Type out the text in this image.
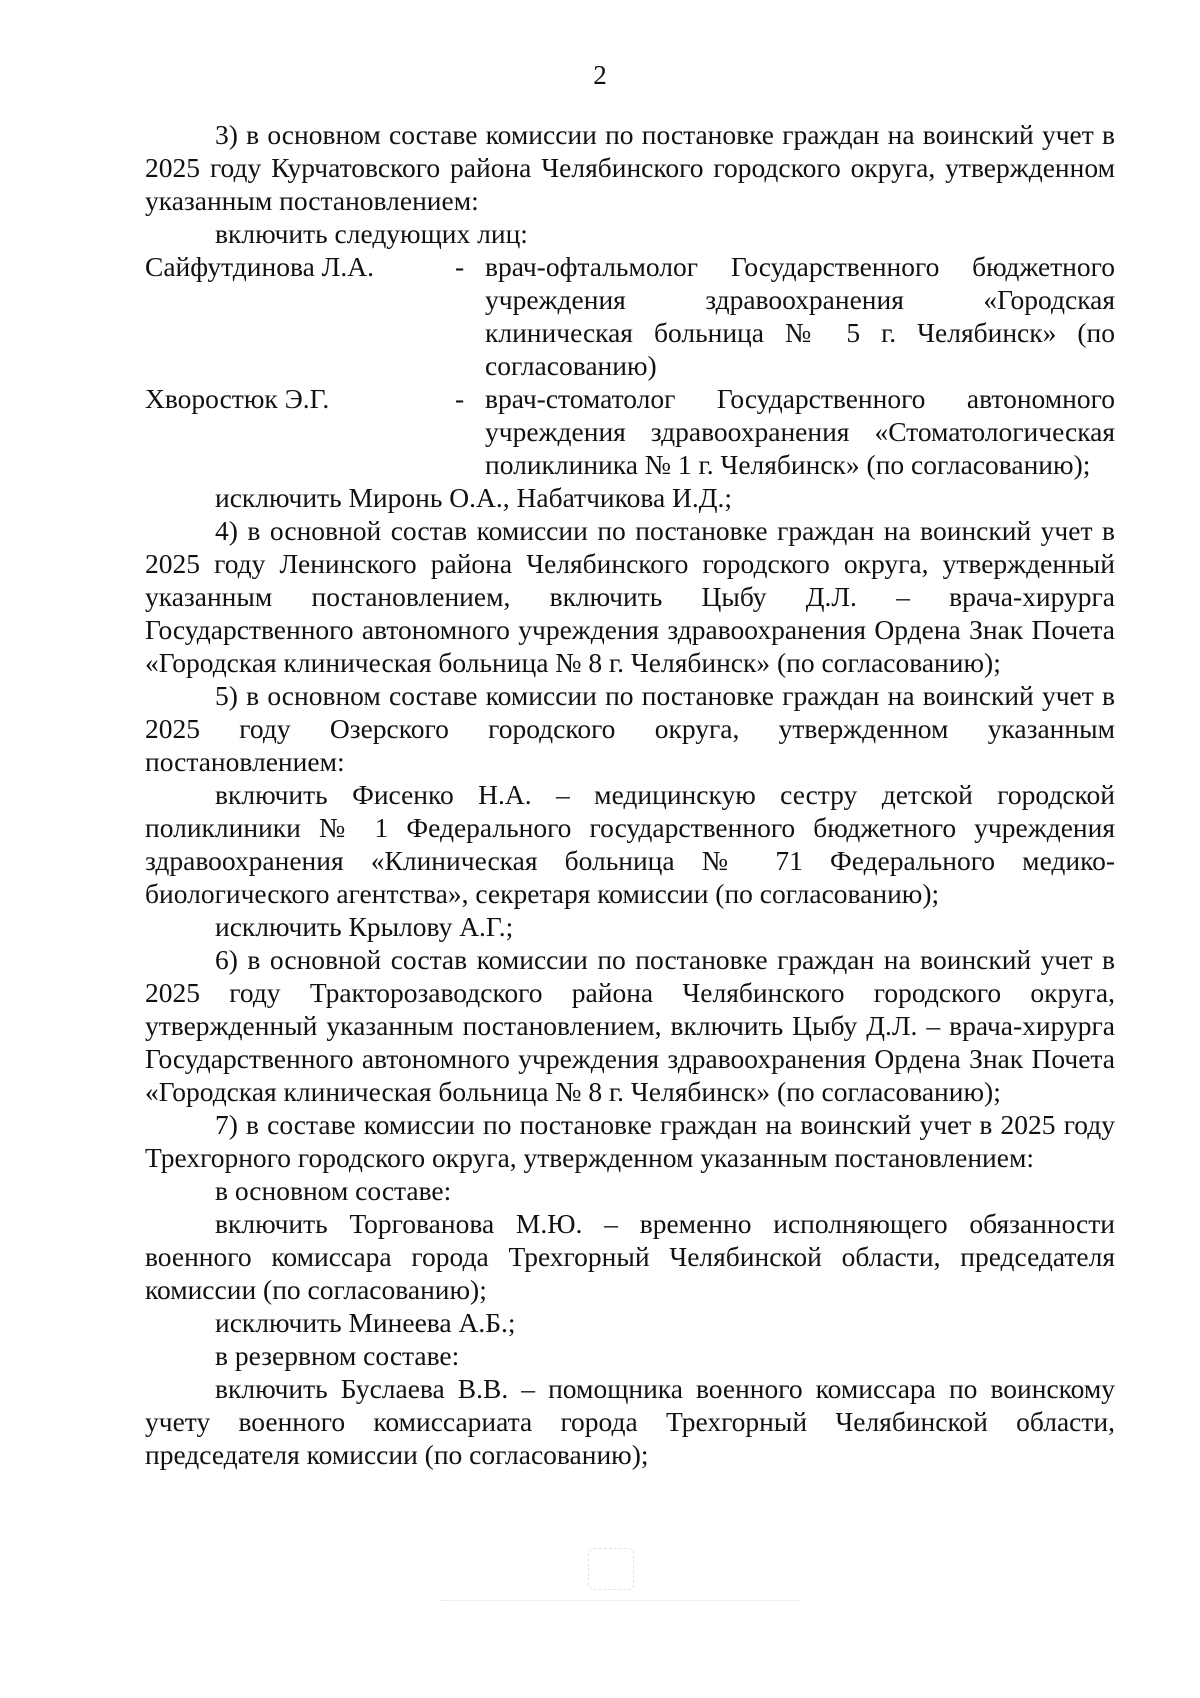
2

3) в основном составе комиссии по постановке граждан на воинский учет в 2025 году Курчатовского района Челябинского городского округа, утвержденном указанным постановлением:

включить следующих лиц:

Сайфутдинова Л.А.	- врач-офтальмолог Государственного бюджетного учреждения здравоохранения «Городская клиническая больница № 5 г. Челябинск» (по согласованию)
Хворостюк Э.Г.	- врач-стоматолог Государственного автономного учреждения здравоохранения «Стоматологическая поликлиника № 1 г. Челябинск» (по согласованию);

исключить Миронь О.А., Набатчикова И.Д.;

4) в основной состав комиссии по постановке граждан на воинский учет в 2025 году Ленинского района Челябинского городского округа, утвержденный указанным постановлением, включить Цыбу Д.Л. – врача-хирурга Государственного автономного учреждения здравоохранения Ордена Знак Почета «Городская клиническая больница № 8 г. Челябинск» (по согласованию);

5) в основном составе комиссии по постановке граждан на воинский учет в 2025 году Озерского городского округа, утвержденном указанным постановлением:

включить Фисенко Н.А. – медицинскую сестру детской городской поликлиники № 1 Федерального государственного бюджетного учреждения здравоохранения «Клиническая больница № 71 Федерального медико-биологического агентства», секретаря комиссии (по согласованию);

исключить Крылову А.Г.;

6) в основной состав комиссии по постановке граждан на воинский учет в 2025 году Тракторозаводского района Челябинского городского округа, утвержденный указанным постановлением, включить Цыбу Д.Л. – врача-хирурга Государственного автономного учреждения здравоохранения Ордена Знак Почета «Городская клиническая больница № 8 г. Челябинск» (по согласованию);

7) в составе комиссии по постановке граждан на воинский учет в 2025 году Трехгорного городского округа, утвержденном указанным постановлением:

в основном составе:

включить Торгованова М.Ю. – временно исполняющего обязанности военного комиссара города Трехгорный Челябинской области, председателя комиссии (по согласованию);

исключить Минеева А.Б.;

в резервном составе:

включить Буслаева В.В. – помощника военного комиссара по воинскому учету военного комиссариата города Трехгорный Челябинской области, председателя комиссии (по согласованию);
